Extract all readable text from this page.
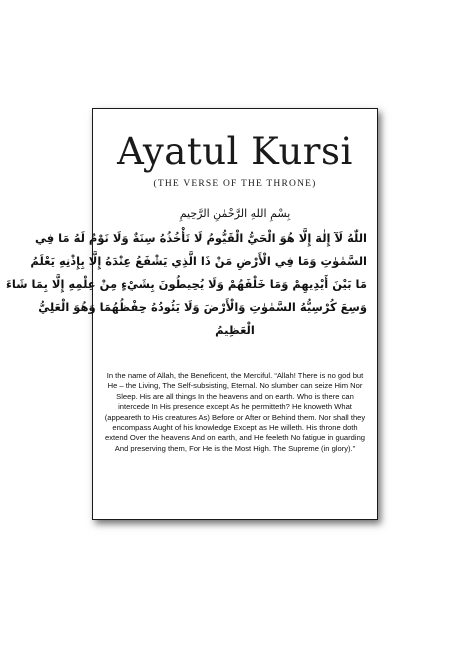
Ayatul Kursi
(THE VERSE OF THE THRONE)
بِسْمِ اللهِ الرَّحْمٰنِ الرَّحِيمِ
اللّٰهُ لَآ إِلٰهَ إِلَّا هُوَ الْحَيُّ الْقَيُّومُ لَا تَأْخُذُهُ سِنَةٌ وَلَا نَوْمٌ لَهُ مَا فِي
السَّمٰوٰتِ وَمَا فِي الْأَرْضِ مَنْ ذَا الَّذِي يَشْفَعُ عِنْدَهُ إِلَّا بِإِذْنِهِ يَعْلَمُ
مَا بَيْنَ أَيْدِيهِمْ وَمَا خَلْفَهُمْ وَلَا يُحِيطُونَ بِشَيْءٍ مِنْ عِلْمِهِ إِلَّا بِمَا شَاءَ
وَسِعَ كُرْسِيُّهُ السَّمٰوٰتِ وَالْأَرْضَ وَلَا يَئُودُهُ حِفْظُهُمَا وَهُوَ الْعَلِيُّ
الْعَظِيمُ
In the name of Allah, the Beneficent, the Merciful. “Allah! There is no god but He – the Living, The Self-subsisting, Eternal. No slumber can seize Him Nor Sleep. His are all things In the heavens and on earth. Who is there can intercede In His presence except As he permitteth? He knoweth What (appeareth to His creatures As) Before or After or Behind them. Nor shall they encompass Aught of his knowledge Except as He willeth. His throne doth extend Over the heavens And on earth, and He feeleth No fatigue in guarding And preserving them, For He is the Most High. The Supreme (in glory).”
